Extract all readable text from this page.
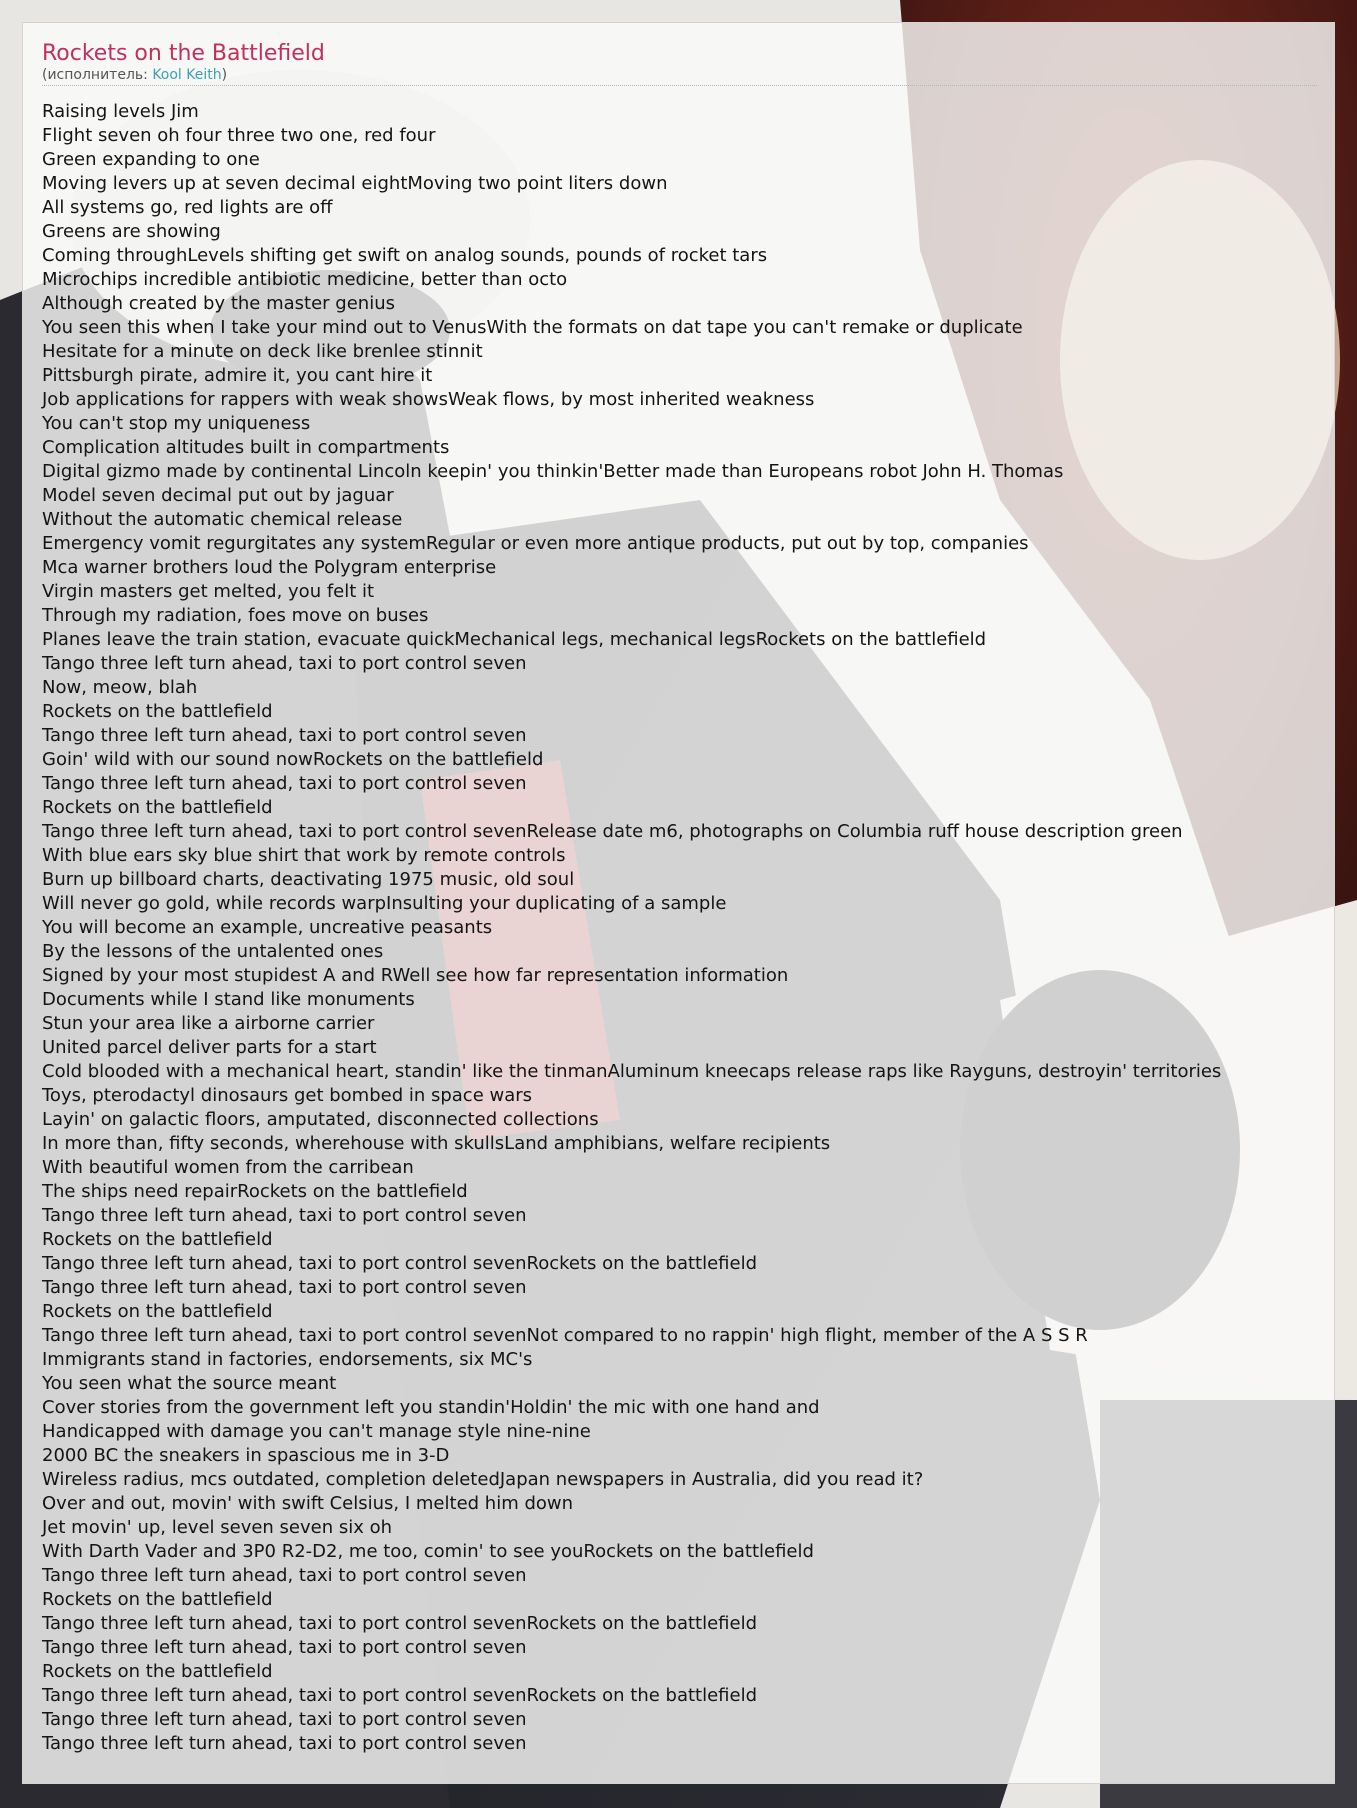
Rockets on the Battlefield
(исполнитель: Kool Keith)
Raising levels Jim
Flight seven oh four three two one, red four
Green expanding to one
Moving levers up at seven decimal eightMoving two point liters down
All systems go, red lights are off
Greens are showing
Coming throughLevels shifting get swift on analog sounds, pounds of rocket tars
Microchips incredible antibiotic medicine, better than octo
Although created by the master genius
You seen this when I take your mind out to VenusWith the formats on dat tape you can't remake or duplicate
Hesitate for a minute on deck like brenlee stinnit
Pittsburgh pirate, admire it, you cant hire it
Job applications for rappers with weak showsWeak flows, by most inherited weakness
You can't stop my uniqueness
Complication altitudes built in compartments
Digital gizmo made by continental Lincoln keepin' you thinkin'Better made than Europeans robot John H. Thomas
Model seven decimal put out by jaguar
Without the automatic chemical release
Emergency vomit regurgitates any systemRegular or even more antique products, put out by top, companies
Mca warner brothers loud the Polygram enterprise
Virgin masters get melted, you felt it
Through my radiation, foes move on buses
Planes leave the train station, evacuate quickMechanical legs, mechanical legsRockets on the battlefield
Tango three left turn ahead, taxi to port control seven
Now, meow, blah
Rockets on the battlefield
Tango three left turn ahead, taxi to port control seven
Goin' wild with our sound nowRockets on the battlefield
Tango three left turn ahead, taxi to port control seven
Rockets on the battlefield
Tango three left turn ahead, taxi to port control sevenRelease date m6, photographs on Columbia ruff house description green
With blue ears sky blue shirt that work by remote controls
Burn up billboard charts, deactivating 1975 music, old soul
Will never go gold, while records warpInsulting your duplicating of a sample
You will become an example, uncreative peasants
By the lessons of the untalented ones
Signed by your most stupidest A and RWell see how far representation information
Documents while I stand like monuments
Stun your area like a airborne carrier
United parcel deliver parts for a start
Cold blooded with a mechanical heart, standin' like the tinmanAluminum kneecaps release raps like Rayguns, destroyin' territories
Toys, pterodactyl dinosaurs get bombed in space wars
Layin' on galactic floors, amputated, disconnected collections
In more than, fifty seconds, wherehouse with skullsLand amphibians, welfare recipients
With beautiful women from the carribean
The ships need repairRockets on the battlefield
Tango three left turn ahead, taxi to port control seven
Rockets on the battlefield
Tango three left turn ahead, taxi to port control sevenRockets on the battlefield
Tango three left turn ahead, taxi to port control seven
Rockets on the battlefield
Tango three left turn ahead, taxi to port control sevenNot compared to no rappin' high flight, member of the A S S R
Immigrants stand in factories, endorsements, six MC's
You seen what the source meant
Cover stories from the government left you standin'Holdin' the mic with one hand and
Handicapped with damage you can't manage style nine-nine
2000 BC the sneakers in spascious me in 3-D
Wireless radius, mcs outdated, completion deletedJapan newspapers in Australia, did you read it?
Over and out, movin' with swift Celsius, I melted him down
Jet movin' up, level seven seven six oh
With Darth Vader and 3P0 R2-D2, me too, comin' to see youRockets on the battlefield
Tango three left turn ahead, taxi to port control seven
Rockets on the battlefield
Tango three left turn ahead, taxi to port control sevenRockets on the battlefield
Tango three left turn ahead, taxi to port control seven
Rockets on the battlefield
Tango three left turn ahead, taxi to port control sevenRockets on the battlefield
Tango three left turn ahead, taxi to port control seven
Tango three left turn ahead, taxi to port control seven
